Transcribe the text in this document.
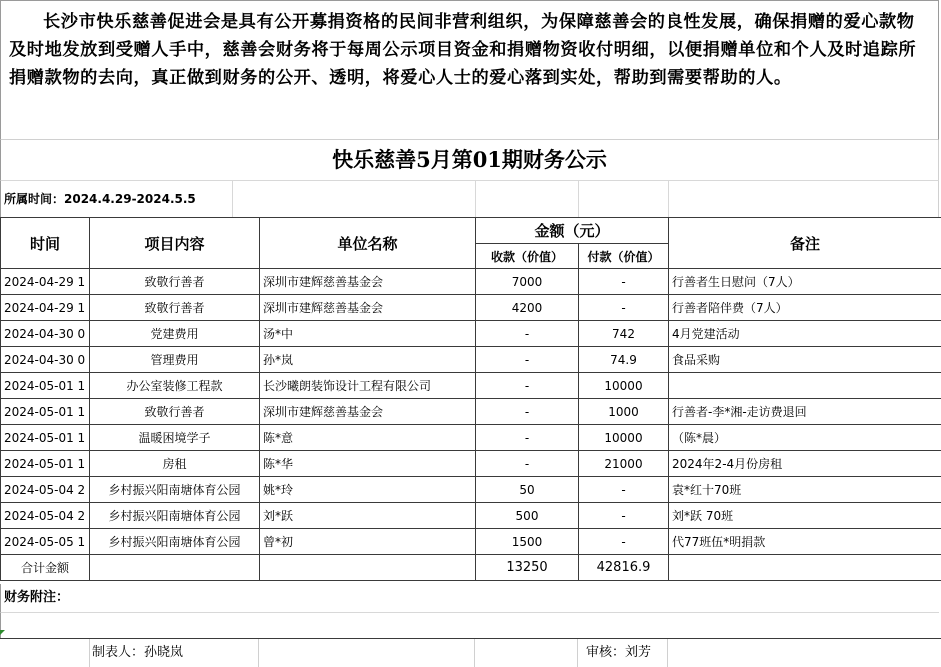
长沙市快乐慈善促进会是具有公开募捐资格的民间非营利组织，为保障慈善会的良性发展，确保捐赠的爱心款物及时地发放到受赠人手中，慈善会财务将于每周公示项目资金和捐赠物资收付明细，以便捐赠单位和个人及时追踪所捐赠款物的去向，真正做到财务的公开、透明，将爱心人士的爱心落到实处，帮助到需要帮助的人。
快乐慈善5月第01期财务公示
所属时间：2024.4.29-2024.5.5
时间	项目内容	单位名称	金额（元）		备注
			收款（价值）	付款（价值）	
2024-04-29 1	致敬行善者	深圳市建辉慈善基金会	7000	-	行善者生日慰问（7人）
2024-04-29 1	致敬行善者	深圳市建辉慈善基金会	4200	-	行善者陪伴费（7人）
2024-04-30 0	党建费用	汤*中	-	742	4月党建活动
2024-04-30 0	管理费用	孙*岚	-	74.9	食品采购
2024-05-01 1	办公室装修工程款	长沙曦朗装饰设计工程有限公司	-	10000	
2024-05-01 1	致敬行善者	深圳市建辉慈善基金会	-	1000	行善者-李*湘-走访费退回
2024-05-01 1	温暖困境学子	陈*意	-	10000	（陈*晨）
2024-05-01 1	房租	陈*华	-	21000	2024年2-4月份房租
2024-05-04 2	乡村振兴阳南塘体育公园	姚*玲	50	-	袁*红十70班
2024-05-04 2	乡村振兴阳南塘体育公园	刘*跃	500	-	刘*跃 70班
2024-05-05 1	乡村振兴阳南塘体育公园	曾*初	1500	-	代77班伍*明捐款
合计金额			13250	42816.9	
财务附注：
制表人：孙晓岚	审核：刘芳
